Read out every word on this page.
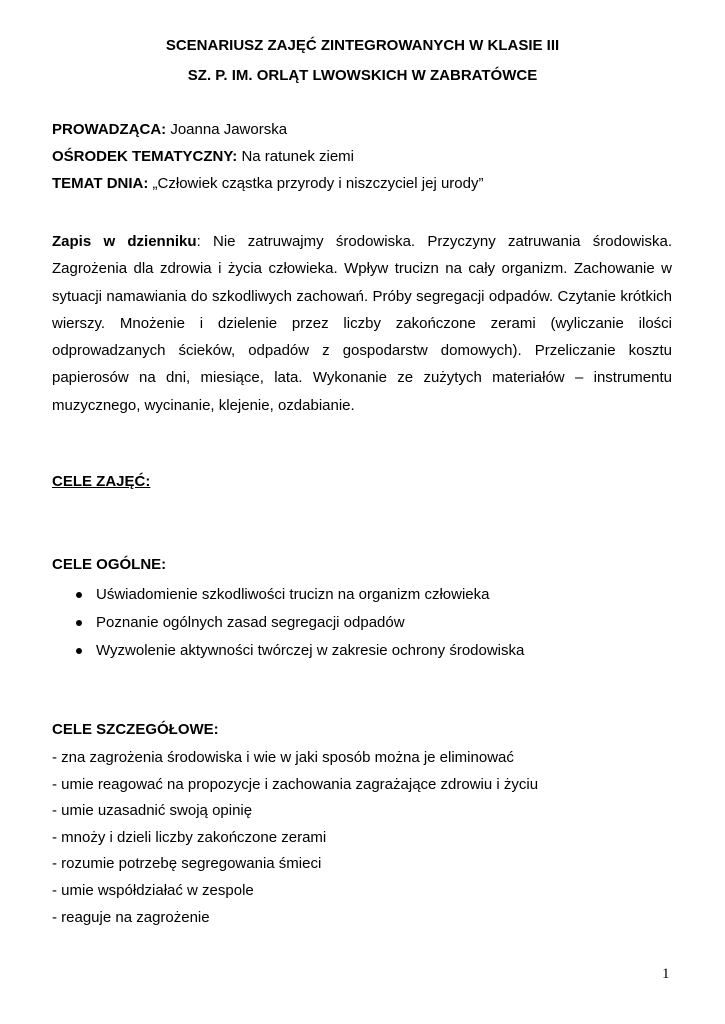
SCENARIUSZ ZAJĘĆ ZINTEGROWANYCH W KLASIE III
SZ. P. IM. ORLĄT LWOWSKICH W ZABRATÓWCE
PROWADZĄCA: Joanna Jaworska
OŚRODEK TEMATYCZNY: Na ratunek ziemi
TEMAT DNIA: „Człowiek cząstka przyrody i niszczyciel jej urody”

Zapis w dzienniku: Nie zatruwajmy środowiska. Przyczyny zatruwania środowiska. Zagrożenia dla zdrowia i życia człowieka. Wpływ trucizn na cały organizm. Zachowanie w sytuacji namawiania do szkodliwych zachowań. Próby segregacji odpadów. Czytanie krótkich wierszy. Mnożenie i dzielenie przez liczby zakończone zerami (wyliczanie ilości odprowadzanych ścieków, odpadów z gospodarstw domowych). Przeliczanie kosztu papierosów na dni, miesiące, lata. Wykonanie ze zużytych materiałów – instrumentu muzycznego, wycinanie, klejenie, ozdabianie.

CELE ZAJĘĆ:
CELE OGÓLNE:
Uświadomienie szkodliwości trucizn na organizm człowieka
Poznanie ogólnych zasad segregacji odpadów
Wyzwolenie aktywności twórczej w zakresie ochrony środowiska
CELE SZCZEGÓŁOWE:
- zna zagrożenia środowiska i wie w jaki sposób można je eliminować
- umie reagować na propozycje i zachowania zagrażające zdrowiu i życiu
- umie uzasadnić swoją opinię
- mnoży i dzieli liczby zakończone zerami
- rozumie potrzebę segregowania śmieci
- umie współdziałać w zespole
- reaguje na zagrożenie
1
